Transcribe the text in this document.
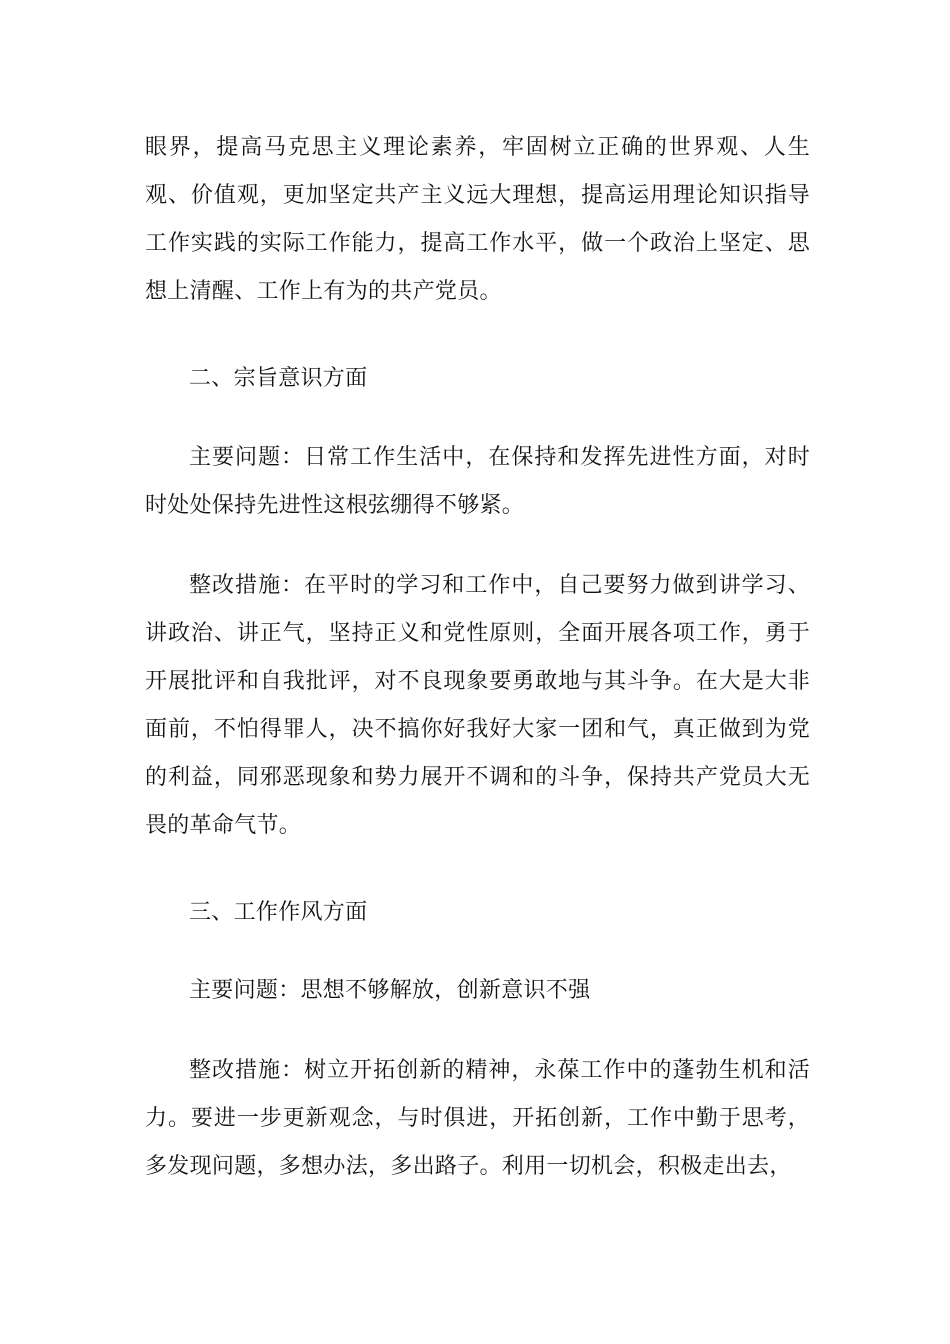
眼界，提高马克思主义理论素养，牢固树立正确的世界观、人生观、价值观，更加坚定共产主义远大理想，提高运用理论知识指导工作实践的实际工作能力，提高工作水平，做一个政治上坚定、思想上清醒、工作上有为的共产党员。

二、宗旨意识方面

主要问题：日常工作生活中，在保持和发挥先进性方面，对时时处处保持先进性这根弦绷得不够紧。

整改措施：在平时的学习和工作中，自己要努力做到讲学习、讲政治、讲正气，坚持正义和党性原则，全面开展各项工作，勇于开展批评和自我批评，对不良现象要勇敢地与其斗争。在大是大非面前，不怕得罪人，决不搞你好我好大家一团和气，真正做到为党的利益，同邪恶现象和势力展开不调和的斗争，保持共产党员大无畏的革命气节。

三、工作作风方面

主要问题：思想不够解放，创新意识不强

整改措施：树立开拓创新的精神，永葆工作中的蓬勃生机和活力。要进一步更新观念，与时俱进，开拓创新，工作中勤于思考，多发现问题，多想办法，多出路子。利用一切机会，积极走出去，
